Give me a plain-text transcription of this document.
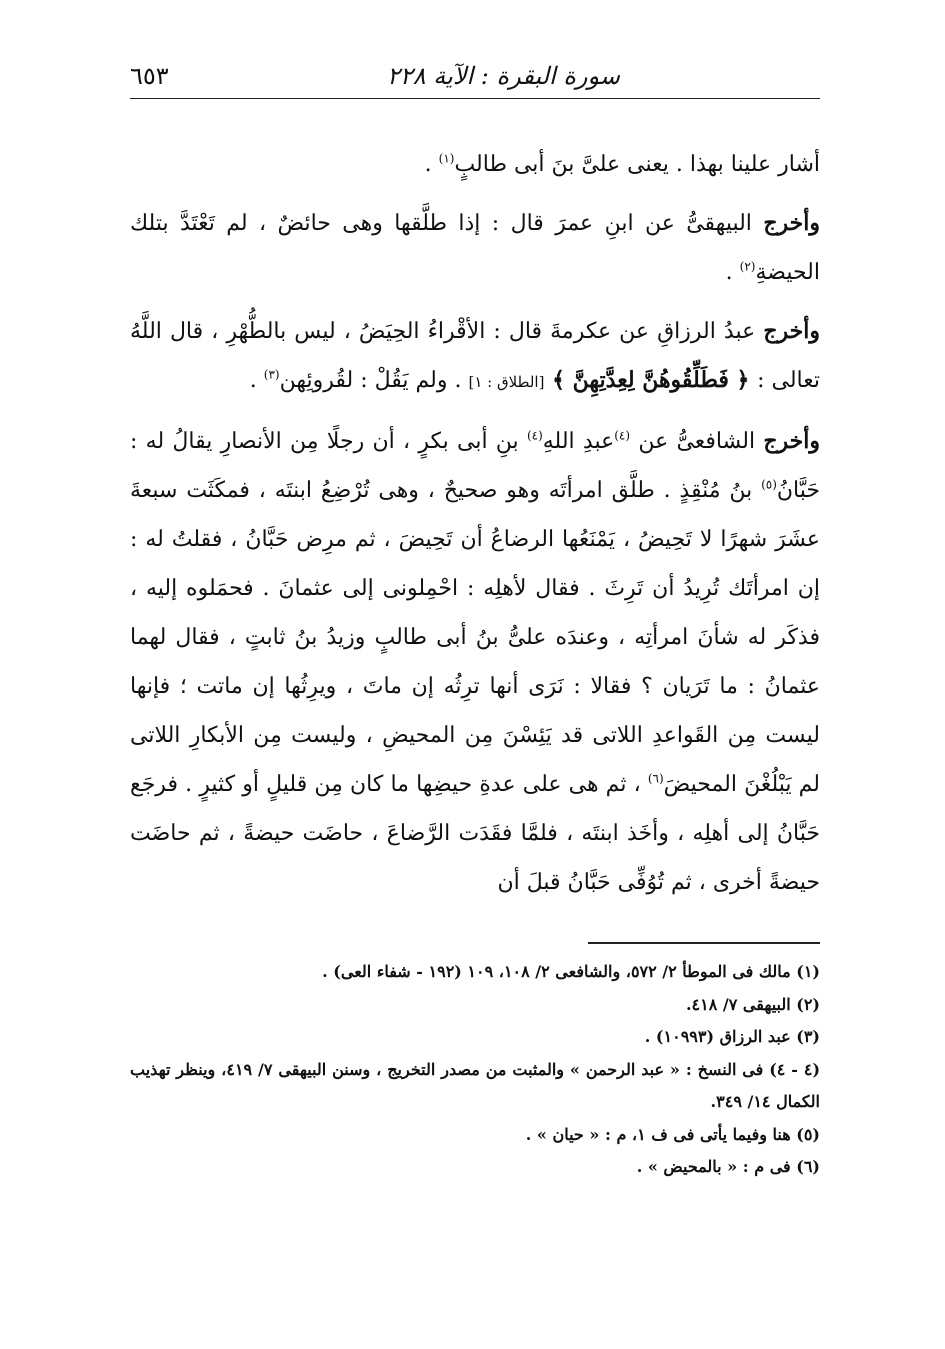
سورة البقرة : الآية ٢٢٨
٦٥٣

أشار علينا بهذا . يعنى علىَّ بنَ أبى طالبٍ$^{(١)}$ .

وأخرج البيهقىُّ عن ابنِ عمرَ قال : إذا طلَّقها وهى حائضٌ ، لم تَعْتَدَّ بتلك الحيضةِ$^{(٢)}$ .

وأخرج عبدُ الرزاقِ عن عكرمةَ قال : الأقْراءُ الحِيَضُ ، ليس بالطُّهْرِ ، قال اللَّهُ تعالى : ﴿ فَطَلِّقُوهُنَّ لِعِدَّتِهِنَّ ﴾ [الطلاق : ١] . ولم يَقُلْ : لقُروئِهن$^{(٣)}$ .

وأخرج الشافعىُّ عن $^{(٤)}$عبدِ اللهِ$^{(٤)}$ بنِ أبى بكرٍ ، أن رجلًا مِن الأنصارِ يقالُ له : حَبَّانُ$^{(٥)}$ بنُ مُنْقِذٍ . طلَّق امرأتَه وهو صحيحٌ ، وهى تُرْضِعُ ابنتَه ، فمكَثَت سبعةَ عشَرَ شهرًا لا تَحِيضُ ، يَمْنَعُها الرضاعُ أن تَحِيضَ ، ثم مرِض حَبَّانُ ، فقلتُ له : إن امرأتَك تُرِيدُ أن تَرِثَ . فقال لأهلِه : احْمِلونى إلى عثمانَ . فحمَلوه إليه ، فذكَر له شأنَ امرأتِه ، وعندَه علىُّ بنُ أبى طالبٍ وزيدُ بنُ ثابتٍ ، فقال لهما عثمانُ : ما تَرَيان ؟ فقالا : نَرَى أنها ترِثُه إن ماتَ ، ويرِثُها إن ماتت ؛ فإنها ليست مِن القَواعدِ اللاتى قد يَئِسْنَ مِن المحيضِ ، وليست مِن الأبكارِ اللاتى لم يَبْلُغْنَ المحيضَ$^{(٦)}$ ، ثم هى على عدةِ حيضِها ما كان مِن قليلٍ أو كثيرٍ . فرجَع حَبَّانُ إلى أهلِه ، وأخَذ ابنتَه ، فلمَّا فقَدَت الرَّضاعَ ، حاضَت حيضةً ، ثم حاضَت حيضةً أخرى ، ثم تُوُفِّى حَبَّانُ قبلَ أن

(١) مالك فى الموطأ ٢/ ٥٧٢، والشافعى ٢/ ١٠٨، ١٠٩ (١٩٢ - شفاء العى) .
(٢) البيهقى ٧/ ٤١٨.
(٣) عبد الرزاق (١٠٩٩٣) .
(٤ - ٤) فى النسخ : « عبد الرحمن » والمثبت من مصدر التخريج ، وسنن البيهقى ٧/ ٤١٩، وينظر تهذيب الكمال ١٤/ ٣٤٩.
(٥) هنا وفيما يأتى فى ف ١، م : « حيان » .
(٦) فى م : « بالمحيض » .
